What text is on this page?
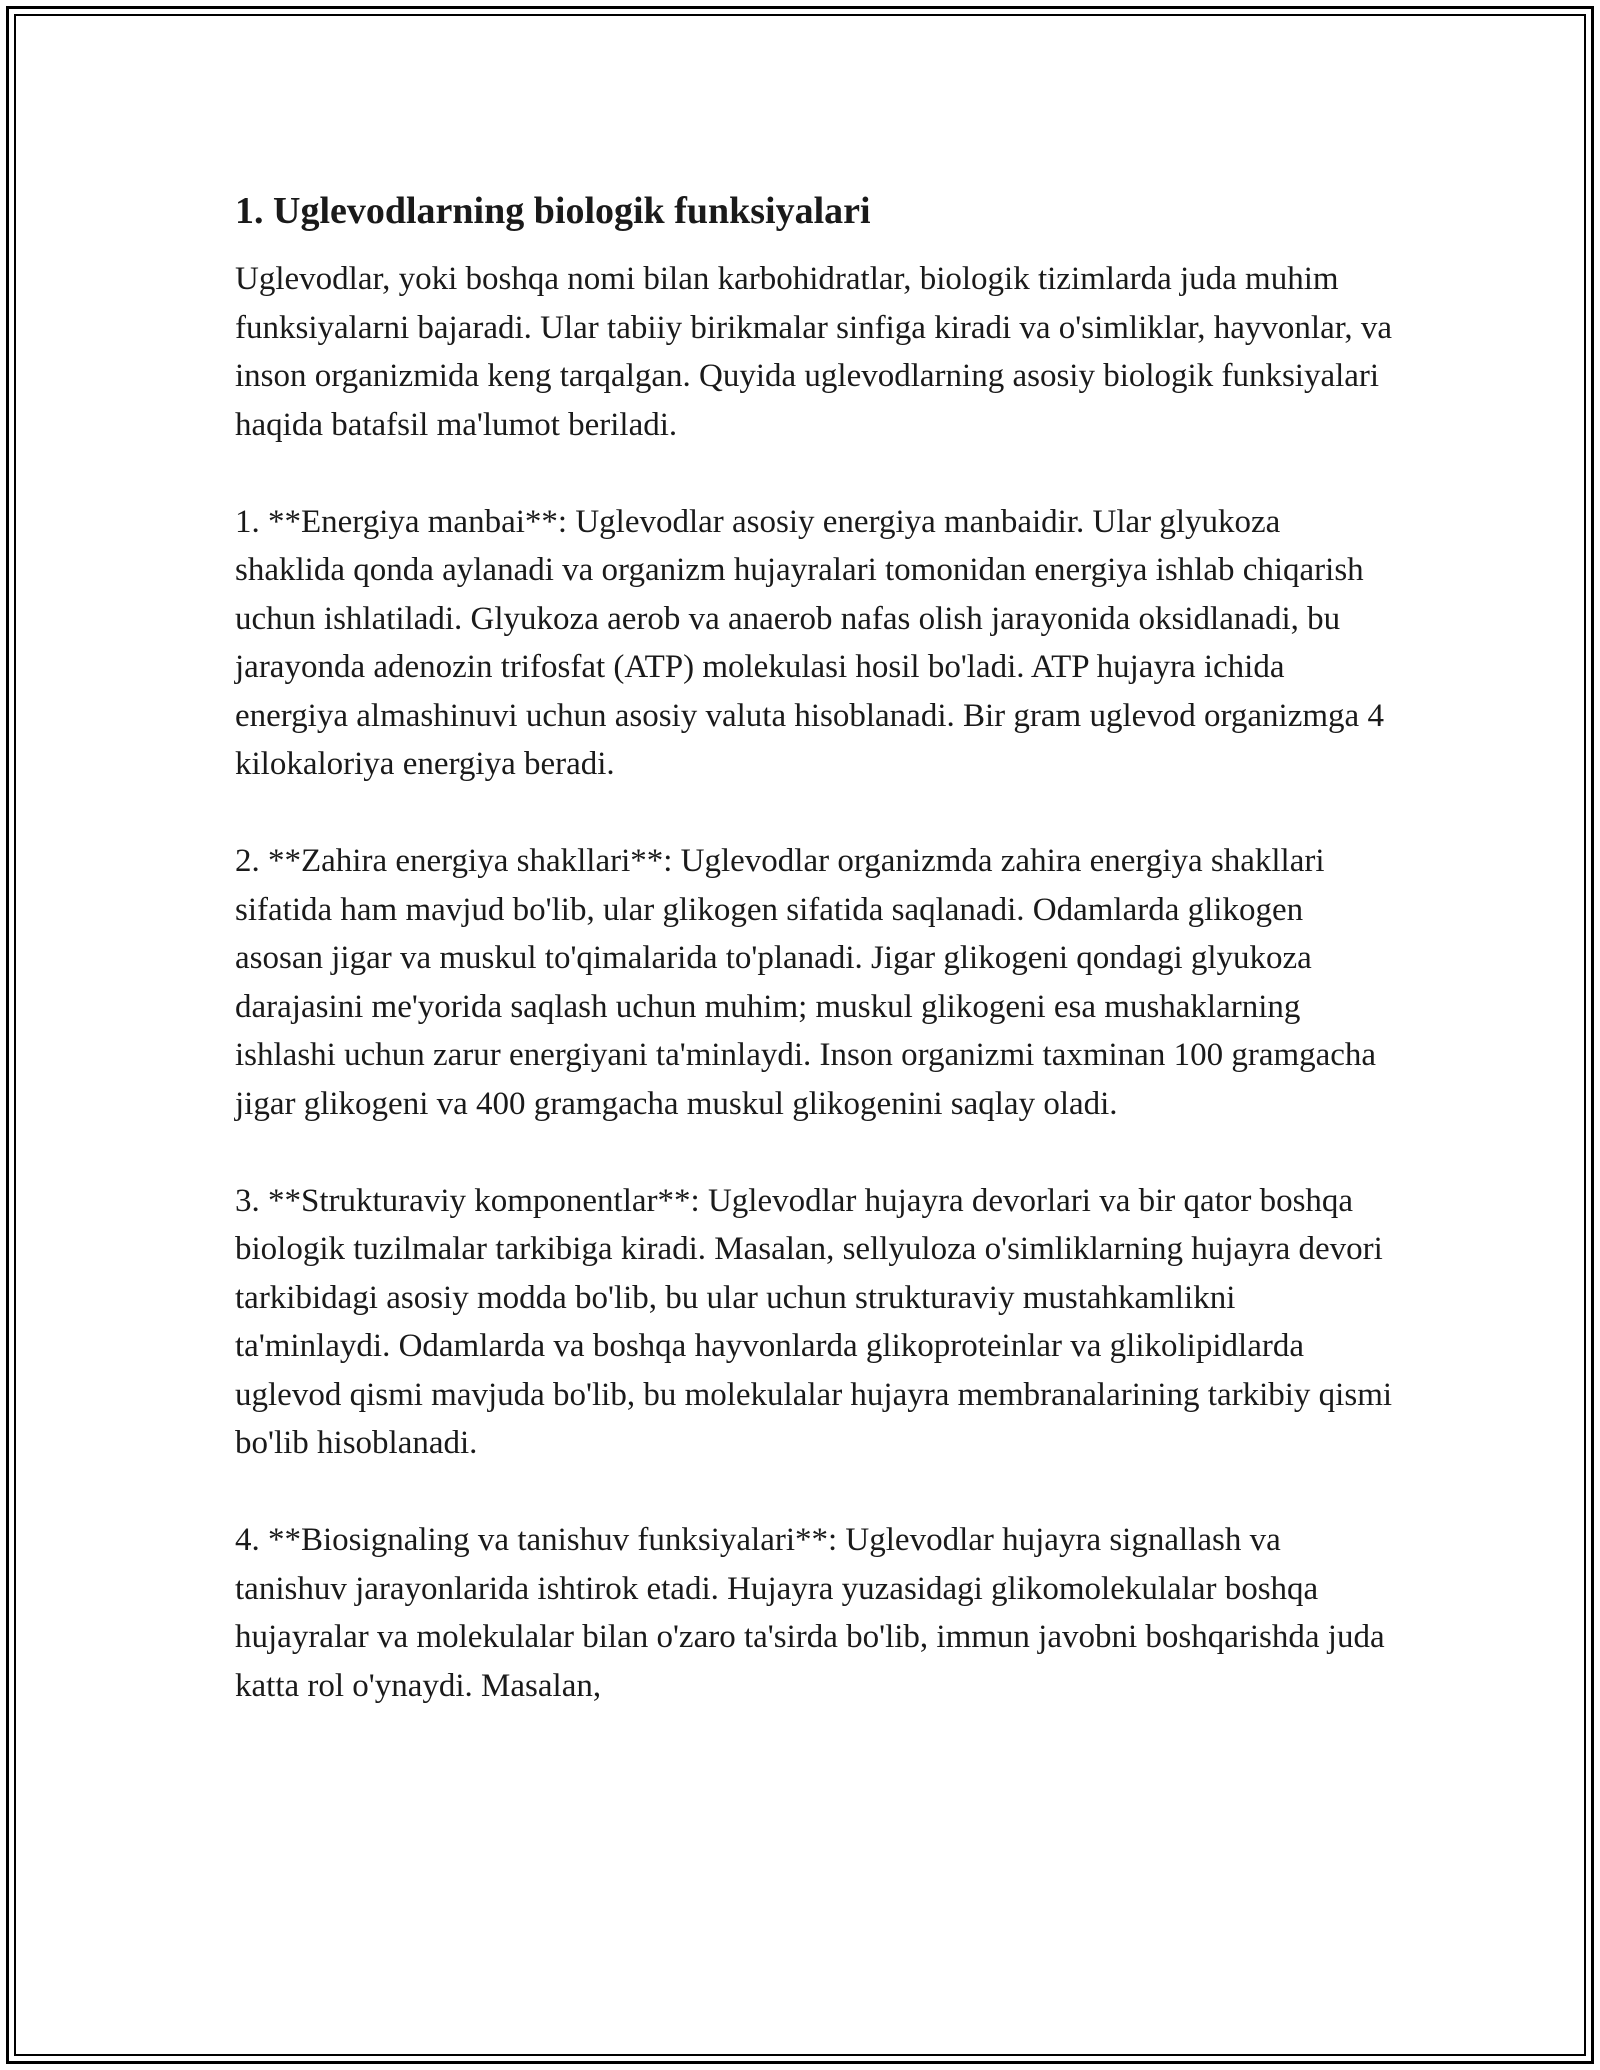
1. Uglevodlarning biologik funksiyalari

Uglevodlar, yoki boshqa nomi bilan karbohidratlar, biologik tizimlarda juda muhim funksiyalarni bajaradi. Ular tabiiy birikmalar sinfiga kiradi va o'simliklar, hayvonlar, va inson organizmida keng tarqalgan. Quyida uglevodlarning asosiy biologik funksiyalari haqida batafsil ma'lumot beriladi.

1. **Energiya manbai**: Uglevodlar asosiy energiya manbaidir. Ular glyukoza shaklida qonda aylanadi va organizm hujayralari tomonidan energiya ishlab chiqarish uchun ishlatiladi. Glyukoza aerob va anaerob nafas olish jarayonida oksidlanadi, bu jarayonda adenozin trifosfat (ATP) molekulasi hosil bo'ladi. ATP hujayra ichida energiya almashinuvi uchun asosiy valuta hisoblanadi. Bir gram uglevod organizmga 4 kilokaloriya energiya beradi.

2. **Zahira energiya shakllari**: Uglevodlar organizmda zahira energiya shakllari sifatida ham mavjud bo'lib, ular glikogen sifatida saqlanadi. Odamlarda glikogen asosan jigar va muskul to'qimalarida to'planadi. Jigar glikogeni qondagi glyukoza darajasini me'yorida saqlash uchun muhim; muskul glikogeni esa mushaklarning ishlashi uchun zarur energiyani ta'minlaydi. Inson organizmi taxminan 100 gramgacha jigar glikogeni va 400 gramgacha muskul glikogenini saqlay oladi.

3. **Strukturaviy komponentlar**: Uglevodlar hujayra devorlari va bir qator boshqa biologik tuzilmalar tarkibiga kiradi. Masalan, sellyuloza o'simliklarning hujayra devori tarkibidagi asosiy modda bo'lib, bu ular uchun strukturaviy mustahkamlikni ta'minlaydi. Odamlarda va boshqa hayvonlarda glikoproteinlar va glikolipidlarda uglevod qismi mavjuda bo'lib, bu molekulalar hujayra membranalarining tarkibiy qismi bo'lib hisoblanadi.

4. **Biosignaling va tanishuv funksiyalari**: Uglevodlar hujayra signallash va tanishuv jarayonlarida ishtirok etadi. Hujayra yuzasidagi glikomolekulalar boshqa hujayralar va molekulalar bilan o'zaro ta'sirda bo'lib, immun javobni boshqarishda juda katta rol o'ynaydi. Masalan,
